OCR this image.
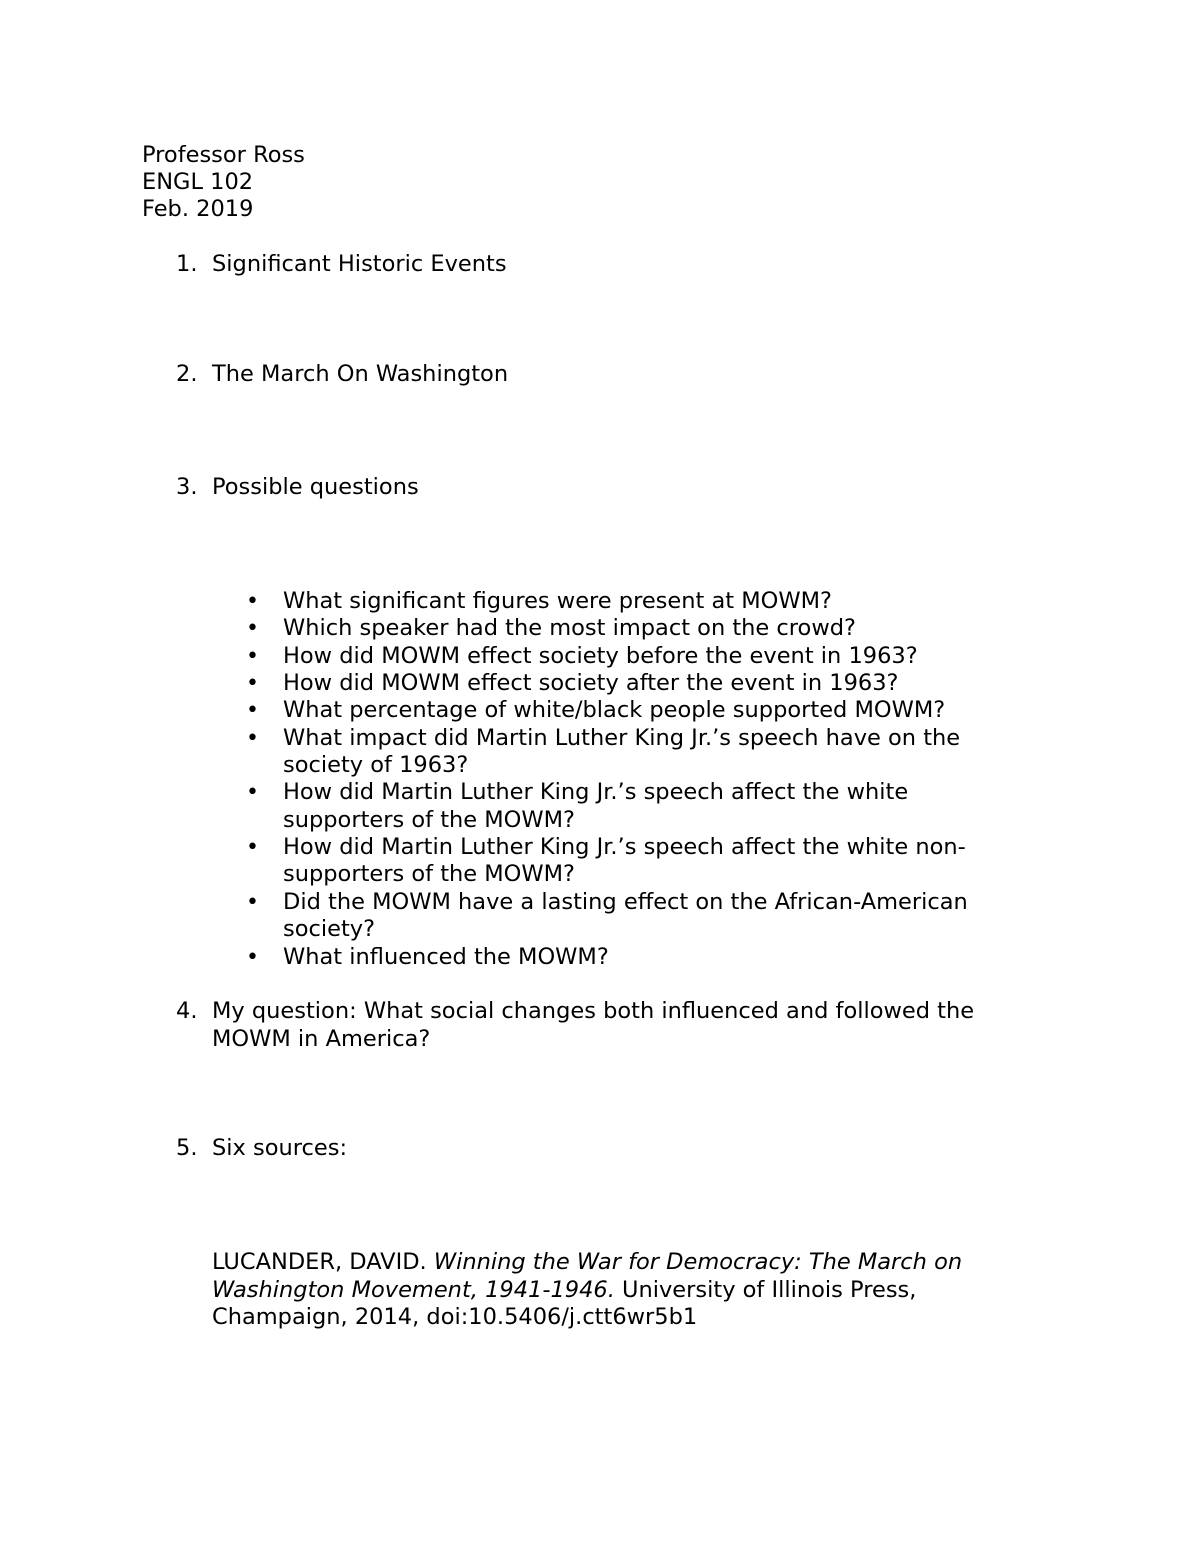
Professor Ross
ENGL 102
Feb. 2019
1. Significant Historic Events
2. The March On Washington
3. Possible questions
• What significant figures were present at MOWM?
• Which speaker had the most impact on the crowd?
• How did MOWM effect society before the event in 1963?
• How did MOWM effect society after the event in 1963?
• What percentage of white/black people supported MOWM?
• What impact did Martin Luther King Jr.’s speech have on the
society of 1963?
• How did Martin Luther King Jr.’s speech affect the white
supporters of the MOWM?
• How did Martin Luther King Jr.’s speech affect the white non-
supporters of the MOWM?
• Did the MOWM have a lasting effect on the African-American
society?
• What influenced the MOWM?
4. My question: What social changes both influenced and followed the
MOWM in America?
5. Six sources:
LUCANDER, DAVID. Winning the War for Democracy: The March on
Washington Movement, 1941-1946. University of Illinois Press,
Champaign, 2014, doi:10.5406/j.ctt6wr5b1
